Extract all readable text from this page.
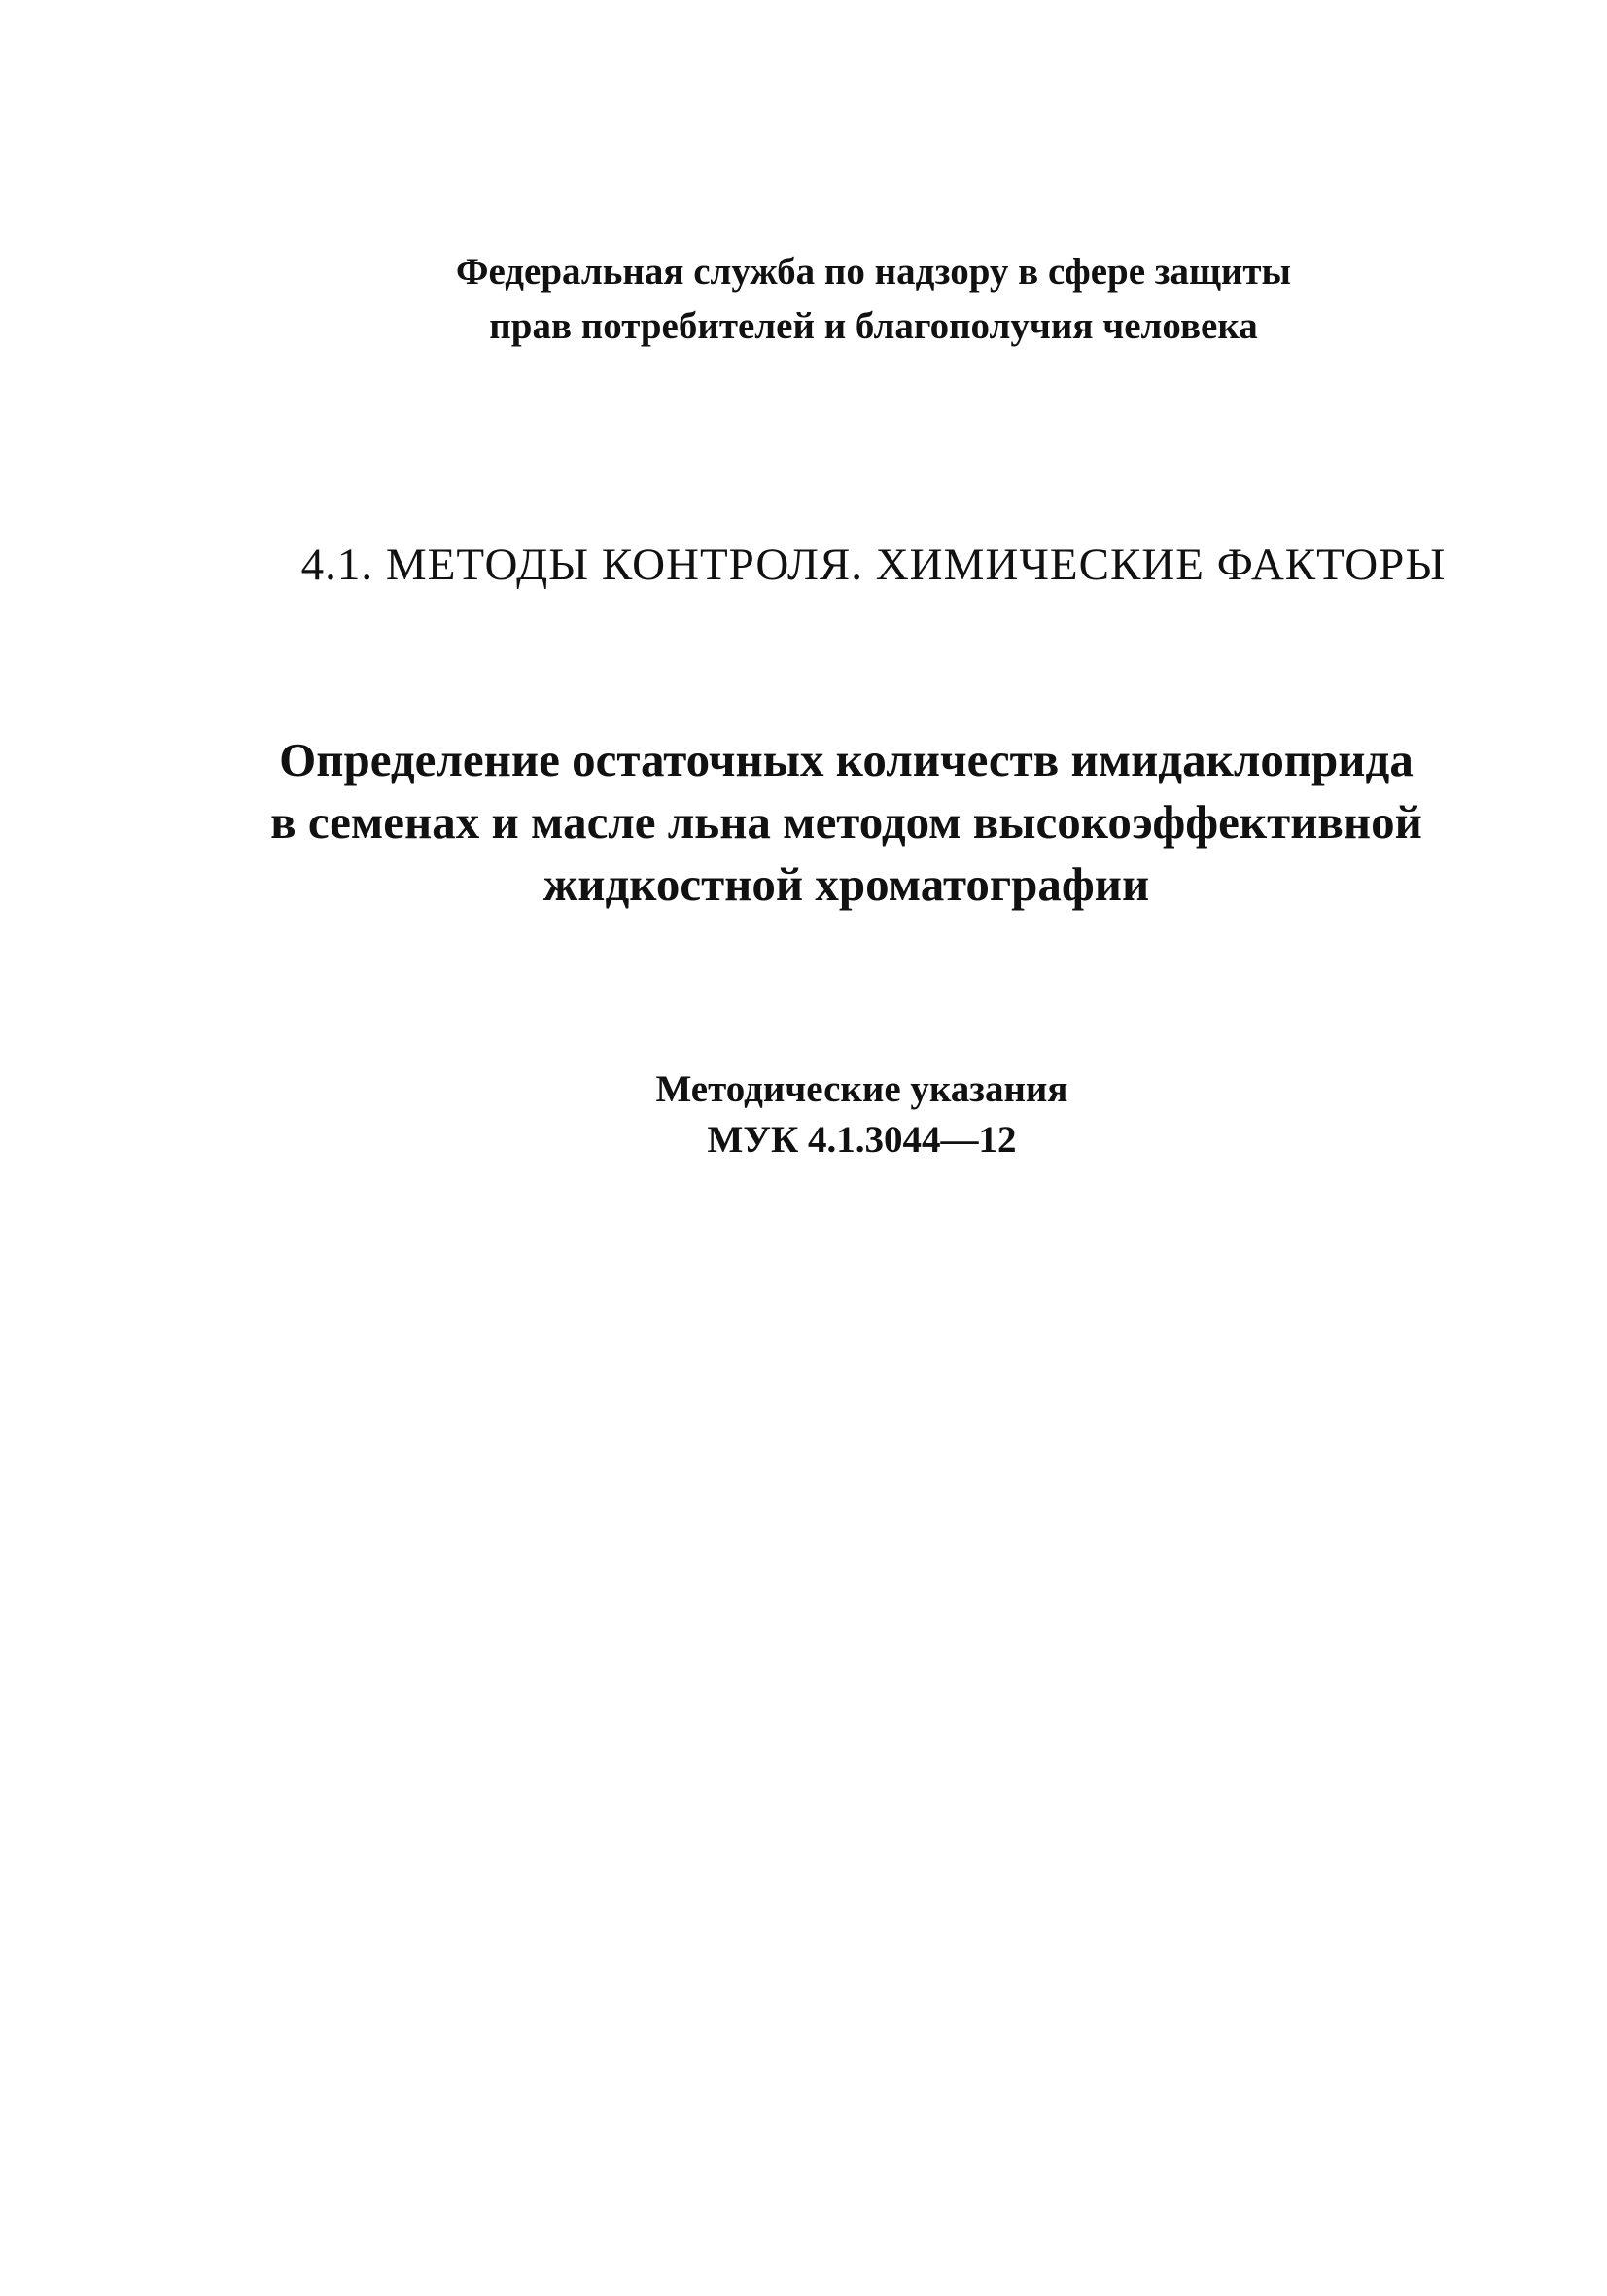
Федеральная служба по надзору в сфере защиты
прав потребителей и благополучия человека
4.1. МЕТОДЫ КОНТРОЛЯ. ХИМИЧЕСКИЕ ФАКТОРЫ
Определение остаточных количеств имидаклоприда
в семенах и масле льна методом высокоэффективной
жидкостной хроматографии
Методические указания
МУК 4.1.3044—12
